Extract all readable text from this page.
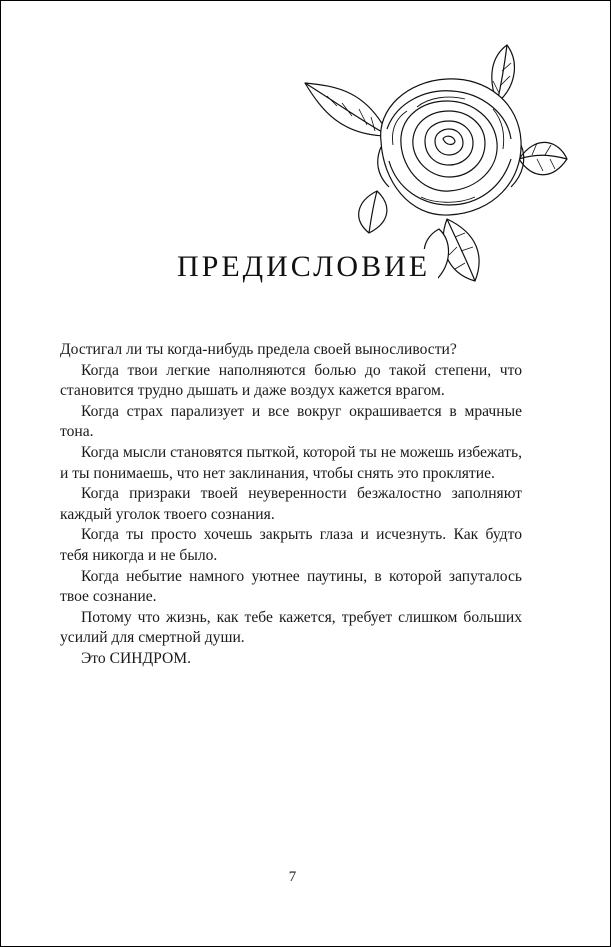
ПРЕДИСЛОВИЕ

Достигал ли ты когда-нибудь предела своей выносливости?

Когда твои легкие наполняются болью до такой степени, что становится трудно дышать и даже воздух кажется врагом.

Когда страх парализует и все вокруг окрашивается в мрачные тона.

Когда мысли становятся пыткой, которой ты не можешь избежать, и ты понимаешь, что нет заклинания, чтобы снять это проклятие.

Когда призраки твоей неуверенности безжалостно заполняют каждый уголок твоего сознания.

Когда ты просто хочешь закрыть глаза и исчезнуть. Как будто тебя никогда и не было.

Когда небытие намного уютнее паутины, в которой запуталось твое сознание.

Потому что жизнь, как тебе кажется, требует слишком больших усилий для смертной души.

Это СИНДРОМ.

7
